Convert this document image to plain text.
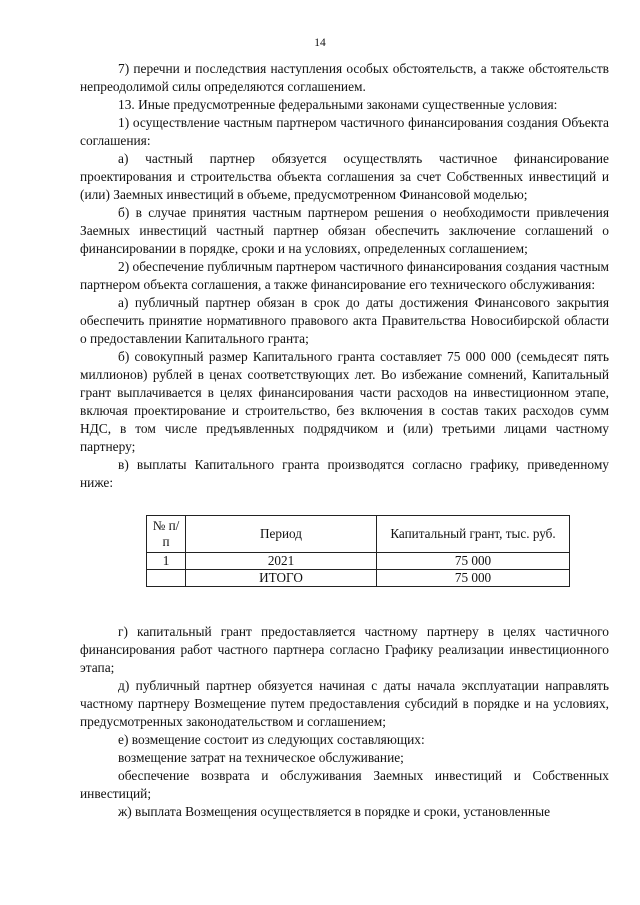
14

7) перечни и последствия наступления особых обстоятельств, а также обстоятельств непреодолимой силы определяются соглашением.

13. Иные предусмотренные федеральными законами существенные условия:

1) осуществление частным партнером частичного финансирования создания Объекта соглашения:

а) частный партнер обязуется осуществлять частичное финансирование проектирования и строительства объекта соглашения за счет Собственных инвестиций и (или) Заемных инвестиций в объеме, предусмотренном Финансовой моделью;

б) в случае принятия частным партнером решения о необходимости привлечения Заемных инвестиций частный партнер обязан обеспечить заключение соглашений о финансировании в порядке, сроки и на условиях, определенных соглашением;

2) обеспечение публичным партнером частичного финансирования создания частным партнером объекта соглашения, а также финансирование его технического обслуживания:

а) публичный партнер обязан в срок до даты достижения Финансового закрытия обеспечить принятие нормативного правового акта Правительства Новосибирской области о предоставлении Капитального гранта;

б) совокупный размер Капитального гранта составляет 75 000 000 (семьдесят пять миллионов) рублей в ценах соответствующих лет. Во избежание сомнений, Капитальный грант выплачивается в целях финансирования части расходов на инвестиционном этапе, включая проектирование и строительство, без включения в состав таких расходов сумм НДС, в том числе предъявленных подрядчиком и (или) третьими лицами частному партнеру;

в) выплаты Капитального гранта производятся согласно графику, приведенному ниже:

№ п/п	Период	Капитальный грант, тыс. руб.
1	2021	75 000
	ИТОГО	75 000

г) капитальный грант предоставляется частному партнеру в целях частичного финансирования работ частного партнера согласно Графику реализации инвестиционного этапа;

д) публичный партнер обязуется начиная с даты начала эксплуатации направлять частному партнеру Возмещение путем предоставления субсидий в порядке и на условиях, предусмотренных законодательством и соглашением;

е) возмещение состоит из следующих составляющих:

возмещение затрат на техническое обслуживание;

обеспечение возврата и обслуживания Заемных инвестиций и Собственных инвестиций;

ж) выплата Возмещения осуществляется в порядке и сроки, установленные
